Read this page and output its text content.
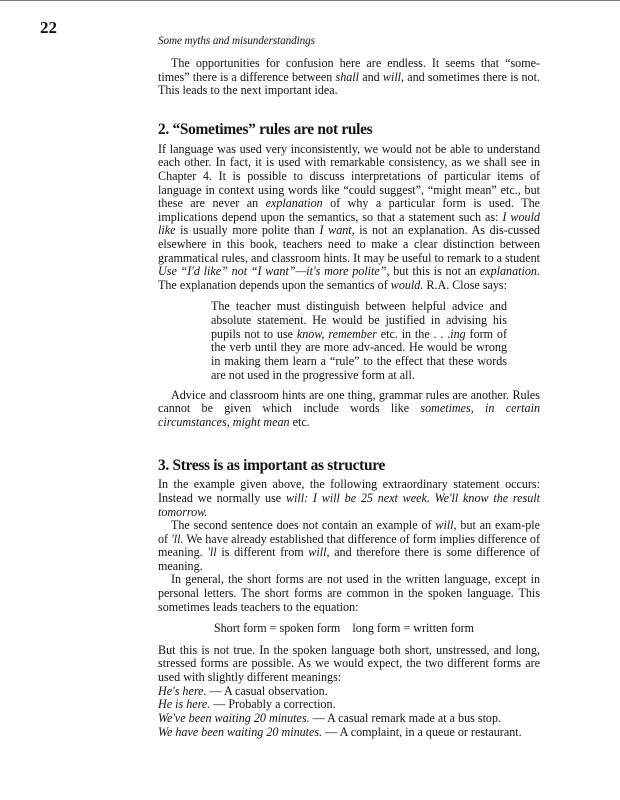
22
Some myths and misunderstandings

The opportunities for confusion here are endless. It seems that “some-times” there is a difference between shall and will, and sometimes there is not. This leads to the next important idea.

2. “Sometimes” rules are not rules

If language was used very inconsistently, we would not be able to understand each other. In fact, it is used with remarkable consistency, as we shall see in Chapter 4. It is possible to discuss interpretations of particular items of language in context using words like “could suggest”, “might mean” etc., but these are never an explanation of why a particular form is used. The implications depend upon the semantics, so that a statement such as: I would like is usually more polite than I want, is not an explanation. As dis-cussed elsewhere in this book, teachers need to make a clear distinction between grammatical rules, and classroom hints. It may be useful to remark to a student Use “I'd like” not “I want”—it's more polite”, but this is not an explanation. The explanation depends upon the semantics of would. R.A. Close says:

The teacher must distinguish between helpful advice and absolute statement. He would be justified in advising his pupils not to use know, remember etc. in the . . .ing form of the verb until they are more adv-anced. He would be wrong in making them learn a “rule” to the effect that these words are not used in the progressive form at all.

Advice and classroom hints are one thing, grammar rules are another. Rules cannot be given which include words like sometimes, in certain circumstances, might mean etc.

3. Stress is as important as structure

In the example given above, the following extraordinary statement occurs: Instead we normally use will: I will be 25 next week. We'll know the result tomorrow.

The second sentence does not contain an example of will, but an exam-ple of 'll. We have already established that difference of form implies difference of meaning. 'll is different from will, and therefore there is some difference of meaning.

In general, the short forms are not used in the written language, except in personal letters. The short forms are common in the spoken language. This sometimes leads teachers to the equation:

Short form = spoken form    long form = written form

But this is not true. In the spoken language both short, unstressed, and long, stressed forms are possible. As we would expect, the two different forms are used with slightly different meanings:

He's here. — A casual observation.
He is here. — Probably a correction.
We've been waiting 20 minutes. — A casual remark made at a bus stop.
We have been waiting 20 minutes. — A complaint, in a queue or restaurant.
